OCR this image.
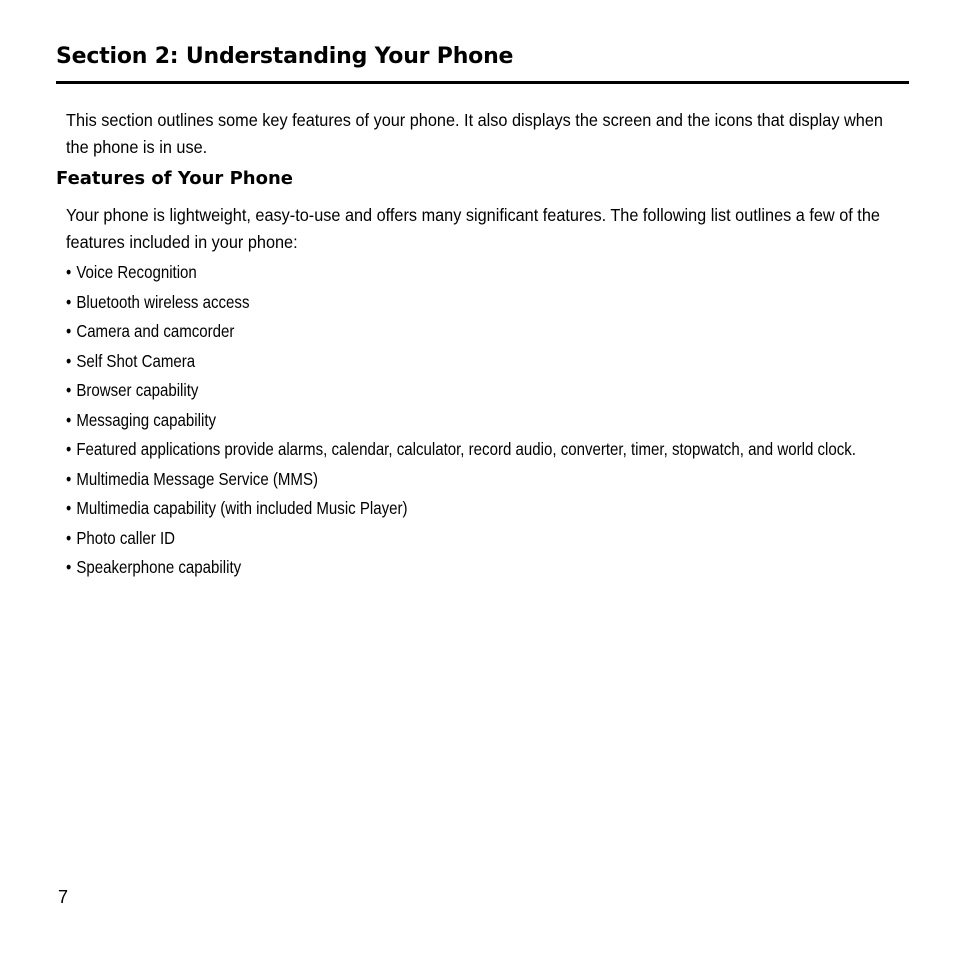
Section 2: Understanding Your Phone

This section outlines some key features of your phone. It also displays the screen and the icons that display when the phone is in use.

Features of Your Phone

Your phone is lightweight, easy-to-use and offers many significant features. The following list outlines a few of the features included in your phone:

• Voice Recognition
• Bluetooth wireless access
• Camera and camcorder
• Self Shot Camera
• Browser capability
• Messaging capability
• Featured applications provide alarms, calendar, calculator, record audio, converter, timer, stopwatch, and world clock.
• Multimedia Message Service (MMS)
• Multimedia capability (with included Music Player)
• Photo caller ID
• Speakerphone capability
7
